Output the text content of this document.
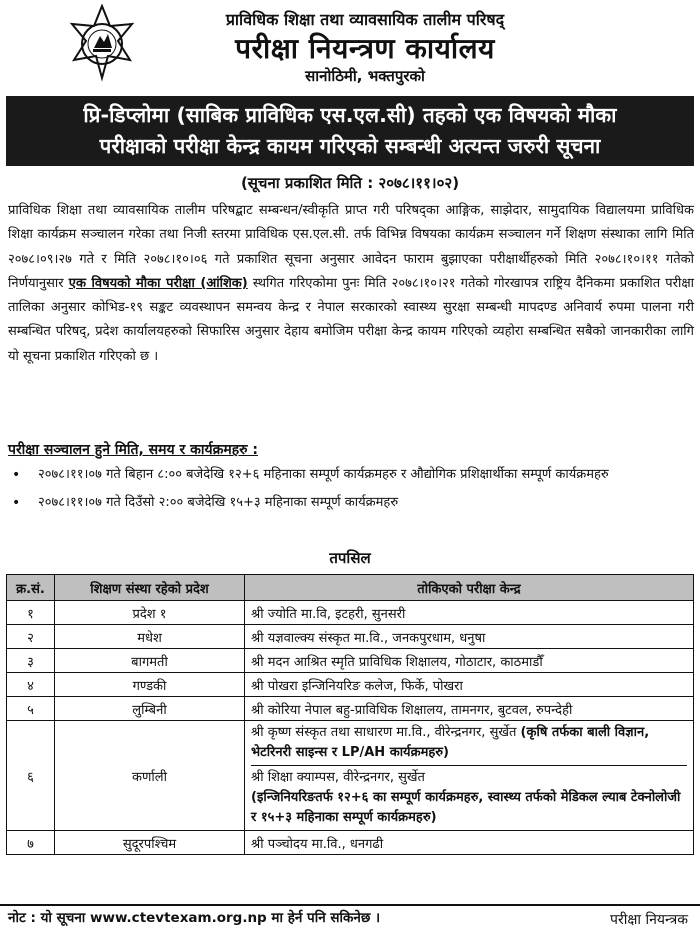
प्राविधिक शिक्षा तथा व्यावसायिक तालीम परिषद्
परीक्षा नियन्त्रण कार्यालय
सानोठिमी, भक्तपुरको
प्रि-डिप्लोमा (साबिक प्राविधिक एस.एल.सी) तहको एक विषयको मौका
परीक्षाको परीक्षा केन्द्र कायम गरिएको सम्बन्धी अत्यन्त जरुरी सूचना
(सूचना प्रकाशित मिति : २०७८।११।०२)

प्राविधिक शिक्षा तथा व्यावसायिक तालीम परिषद्बाट सम्बन्धन/स्वीकृति प्राप्त गरी परिषद्का आङ्गिक, साझेदार, सामुदायिक विद्यालयमा प्राविधिक शिक्षा कार्यक्रम सञ्चालन गरेका तथा निजी स्तरमा प्राविधिक एस.एल.सी. तर्फ विभिन्न विषयका कार्यक्रम सञ्चालन गर्ने शिक्षण संस्थाका लागि मिति २०७८।०९।२७ गते र मिति २०७८।१०।०६ गते प्रकाशित सूचना अनुसार आवेदन फाराम बुझाएका परीक्षार्थीहरुको मिति २०७८।१०।११ गतेको निर्णयानुसार एक विषयको मौका परीक्षा (आंशिक) स्थगित गरिएकोमा पुनः मिति २०७८।१०।२१ गतेको गोरखापत्र राष्ट्रिय दैनिकमा प्रकाशित परीक्षा तालिका अनुसार कोभिड-१९ सङ्कट व्यवस्थापन समन्वय केन्द्र र नेपाल सरकारको स्वास्थ्य सुरक्षा सम्बन्धी मापदण्ड अनिवार्य रुपमा पालना गरी सम्बन्धित परिषद्, प्रदेश कार्यालयहरुको सिफारिस अनुसार देहाय बमोजिम परीक्षा केन्द्र कायम गरिएको व्यहोरा सम्बन्धित सबैको जानकारीका लागि यो सूचना प्रकाशित गरिएको छ ।

परीक्षा सञ्चालन हुने मिति, समय र कार्यक्रमहरु :
• २०७८।११।०७ गते बिहान ८:०० बजेदेखि १२+६ महिनाका सम्पूर्ण कार्यक्रमहरु र औद्योगिक प्रशिक्षार्थीका सम्पूर्ण कार्यक्रमहरु
• २०७८।११।०७ गते दिउँसो २:०० बजेदेखि १५+३ महिनाका सम्पूर्ण कार्यक्रमहरु
तपसिल
क्र.सं.	शिक्षण संस्था रहेको प्रदेश	तोकिएको परीक्षा केन्द्र
१	प्रदेश १	श्री ज्योति मा.वि, इटहरी, सुनसरी
२	मधेश	श्री यज्ञवाल्क्य संस्कृत मा.वि., जनकपुरधाम, धनुषा
३	बागमती	श्री मदन आश्रित स्मृति प्राविधिक शिक्षालय, गोठाटार, काठमाडौँ
४	गण्डकी	श्री पोखरा इन्जिनियरिङ कलेज, फिर्के, पोखरा
५	लुम्बिनी	श्री कोरिया नेपाल बहु-प्राविधिक शिक्षालय, तामनगर, बुटवल, रुपन्देही
६	कर्णाली	श्री कृष्ण संस्कृत तथा साधारण मा.वि., वीरेन्द्रनगर, सुर्खेत (कृषि तर्फका बाली विज्ञान, भेटरिनरी साइन्स र LP/AH कार्यक्रमहरु)
श्री शिक्षा क्याम्पस, वीरेन्द्रनगर, सुर्खेत
(इन्जिनियरिङतर्फ १२+६ का सम्पूर्ण कार्यक्रमहरु, स्वास्थ्य तर्फको मेडिकल ल्याब टेक्नोलोजी र १५+३ महिनाका सम्पूर्ण कार्यक्रमहरु)

७	सुदूरपश्चिम	श्री पञ्चोदय मा.वि., धनगढी
नोट : यो सूचना www.ctevtexam.org.np मा हेर्न पनि सकिनेछ ।	परीक्षा नियन्त्रक
